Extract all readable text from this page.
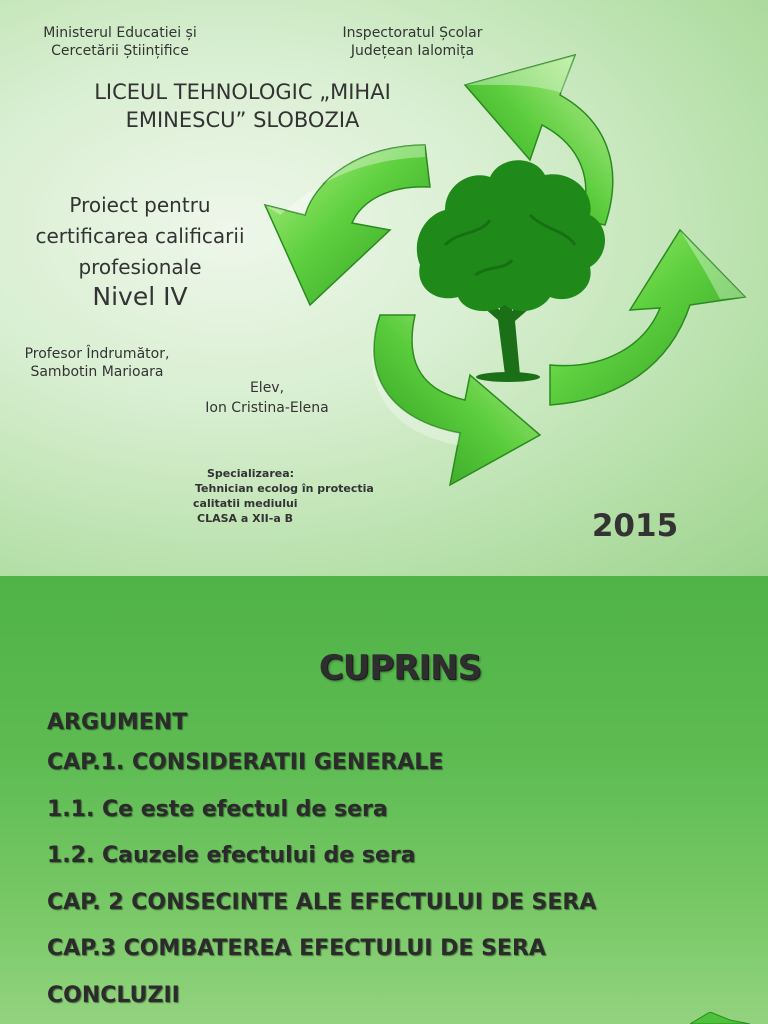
Ministerul Educatiei și
Cercetării Științifice
Inspectoratul Școlar
Județean Ialomița
LICEUL TEHNOLOGIC „MIHAI
EMINESCU” SLOBOZIA
Proiect pentru
certificarea calificarii
profesionale
Nivel IV
Profesor Îndrumător,
Sambotin Marioara
Elev,
Ion Cristina-Elena
Specializarea:
Tehnician ecolog în protectia
calitatii mediului
CLASA a XII-a B	2015
CUPRINS
ARGUMENT
CAP.1. CONSIDERATII GENERALE
1.1. Ce este efectul de sera
1.2. Cauzele efectului de sera
CAP. 2 CONSECINTE ALE EFECTULUI DE SERA
CAP.3 COMBATEREA EFECTULUI DE SERA
CONCLUZII
